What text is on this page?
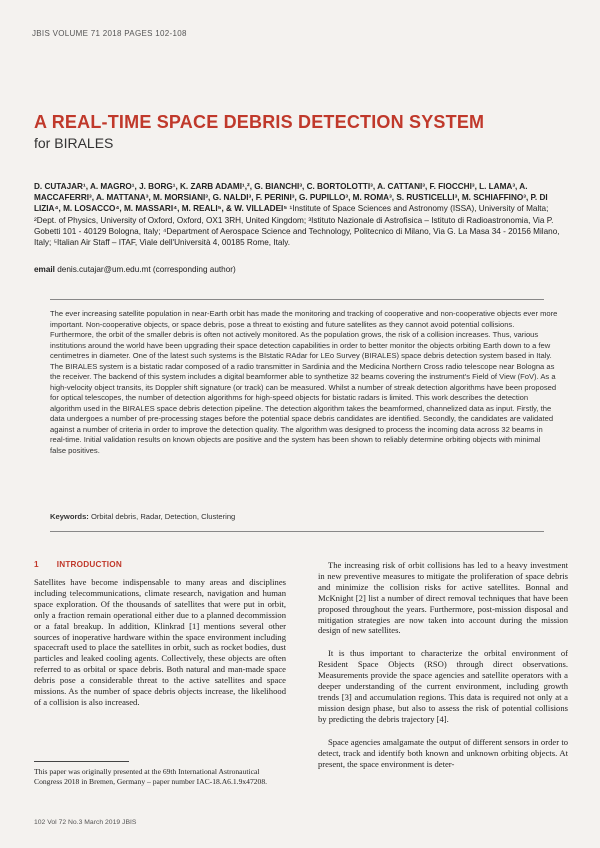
JBIS VOLUME 71 2018 PAGES 102-108
A REAL-TIME SPACE DEBRIS DETECTION SYSTEM
for BIRALES
D. CUTAJAR¹, A. MAGRO¹, J. BORG¹, K. ZARB ADAMI¹,², G. BIANCHI³, C. BORTOLOTTI³, A. CATTANI³, F. FIOCCHI³, L. LAMA³, A. MACCAFERRI³, A. MATTANA³, M. MORSIANI³, G. NALDI³, F. PERINI³, G. PUPILLO³, M. ROMA³, S. RUSTICELLI³, M. SCHIAFFINO³, P. DI LIZIA⁴, M. LOSACCO⁴, M. MASSARI⁴, M. REALI⁵, & W. VILLADEI⁵ ¹Institute of Space Sciences and Astronomy (ISSA), University of Malta; ²Dept. of Physics, University of Oxford, Oxford, OX1 3RH, United Kingdom; ³Istituto Nazionale di Astrofisica – Istituto di Radioastronomia, Via P. Gobetti 101 - 40129 Bologna, Italy; ⁴Department of Aerospace Science and Technology, Politecnico di Milano, Via G. La Masa 34 - 20156 Milano, Italy; ⁵Italian Air Staff – ITAF, Viale dell'Università 4, 00185 Rome, Italy.
email denis.cutajar@um.edu.mt (corresponding author)
The ever increasing satellite population in near-Earth orbit has made the monitoring and tracking of cooperative and non-cooperative objects ever more important. Non-cooperative objects, or space debris, pose a threat to existing and future satellites as they cannot avoid potential collisions. Furthermore, the orbit of the smaller debris is often not actively monitored. As the population grows, the risk of a collision increases. Thus, various institutions around the world have been upgrading their space detection capabilities in order to better monitor the objects orbiting Earth down to a few centimetres in diameter. One of the latest such systems is the BIstatic RAdar for LEo Survey (BIRALES) space debris detection system based in Italy. The BIRALES system is a bistatic radar composed of a radio transmitter in Sardinia and the Medicina Northern Cross radio telescope near Bologna as the receiver. The backend of this system includes a digital beamformer able to synthetize 32 beams covering the instrument's Field of View (FoV). As a high-velocity object transits, its Doppler shift signature (or track) can be measured. Whilst a number of streak detection algorithms have been proposed for optical telescopes, the number of detection algorithms for high-speed objects for bistatic radars is limited. This work describes the detection algorithm used in the BIRALES space debris detection pipeline. The detection algorithm takes the beamformed, channelized data as input. Firstly, the data undergoes a number of pre-processing stages before the potential space debris candidates are identified. Secondly, the candidates are validated against a number of criteria in order to improve the detection quality. The algorithm was designed to process the incoming data across 32 beams in real-time. Initial validation results on known objects are positive and the system has been shown to reliably determine orbiting objects with minimal false positives.
Keywords: Orbital debris, Radar, Detection, Clustering
1 INTRODUCTION

Satellites have become indispensable to many areas and disciplines including telecommunications, climate research, navigation and human space exploration. Of the thousands of satellites that were put in orbit, only a fraction remain operational either due to a planned decommission or a fatal breakup. In addition, Klinkrad [1] mentions several other sources of inoperative hardware within the space environment including spacecraft used to place the satellites in orbit, such as rocket bodies, dust particles and leaked cooling agents. Collectively, these objects are often referred to as orbital or space debris. Both natural and man-made space debris pose a considerable threat to the active satellites and space missions. As the number of space debris objects increase, the likelihood of a collision is also increased.

The increasing risk of orbit collisions has led to a heavy investment in new preventive measures to mitigate the proliferation of space debris and minimize the collision risks for active satellites. Bonnal and McKnight [2] list a number of direct removal techniques that have been proposed throughout the years. Furthermore, post-mission disposal and mitigation strategies are now taken into account during the mission design of new satellites.

It is thus important to characterize the orbital environment of Resident Space Objects (RSO) through direct observations. Measurements provide the space agencies and satellite operators with a deeper understanding of the current environment, including growth trends [3] and accumulation regions. This data is required not only at a mission design phase, but also to assess the risk of potential collisions by predicting the debris trajectory [4].

Space agencies amalgamate the output of different sensors in order to detect, track and identify both known and unknown orbiting objects. At present, the space environment is deter-

This paper was originally presented at the 69th International Astronautical Congress 2018 in Bremen, Germany – paper number IAC-18.A6.1.9x47208.
102 Vol 72 No.3 March 2019 JBIS
